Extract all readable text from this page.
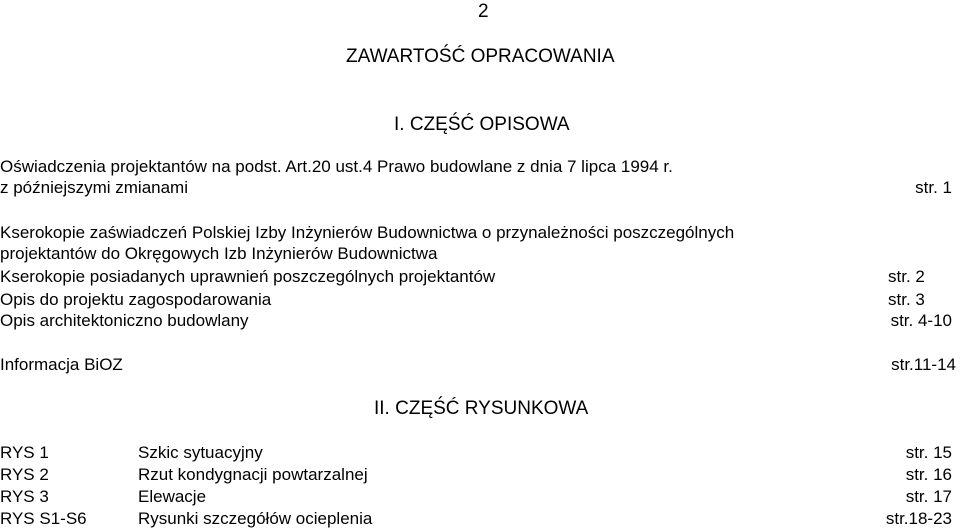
2
ZAWARTOŚĆ OPRACOWANIA
I. CZĘŚĆ OPISOWA
Oświadczenia projektantów na podst. Art.20 ust.4 Prawo budowlane z dnia 7 lipca 1994 r.
z późniejszymi zmianami	str. 1
Kserokopie zaświadczeń Polskiej Izby Inżynierów Budownictwa o przynależności poszczególnych
projektantów do Okręgowych Izb Inżynierów Budownictwa
Kserokopie posiadanych uprawnień poszczególnych projektantów	str. 2
Opis do projektu zagospodarowania	str. 3
Opis architektoniczno budowlany	str. 4-10
Informacja BiOZ	str.11-14
II. CZĘŚĆ RYSUNKOWA
RYS 1	Szkic sytuacyjny	str. 15
RYS 2	Rzut kondygnacji powtarzalnej	str. 16
RYS 3	Elewacje	str. 17
RYS S1-S6	Rysunki szczegółów ocieplenia	str.18-23
